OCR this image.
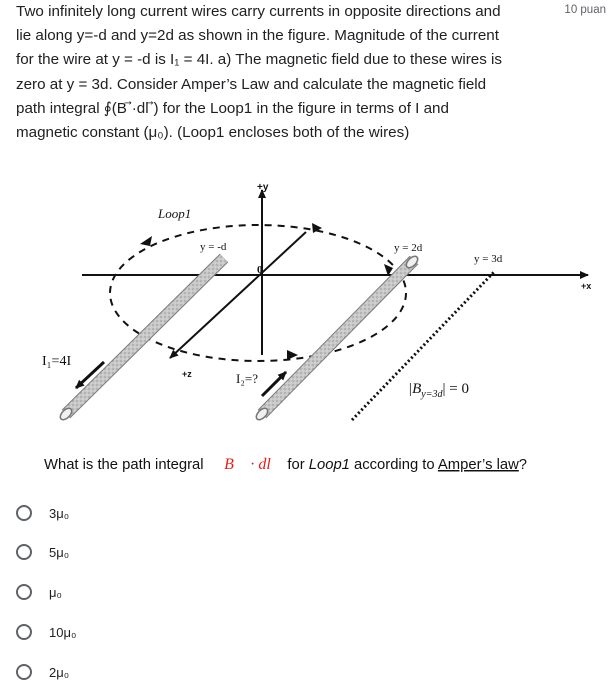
Two infinitely long current wires carry currents in opposite directions and
lie along y=-d and y=2d as shown in the figure. Magnitude of the current
for the wire at y = -d is I₁ = 4I. a) The magnetic field due to these wires is
zero at y = 3d. Consider Amper’s Law and calculate the magnetic field
path integral ∮(B ⃗·dl ⃗) for the Loop1 in the figure in terms of I and
magnetic constant (μ₀). (Loop1 encloses both of the wires)
10 puan
+y
+x
+z
0
Loop1
y = -d	y = 2d
y = 3d
I₁=4I
I₂=?
$|B_{y=3d}| = 0$
What is the path integral ∮ B⃗ · dl⃗ for Loop1 according to Amper’s law?
3μ₀
5μ₀
μ₀
10μ₀
2μ₀
